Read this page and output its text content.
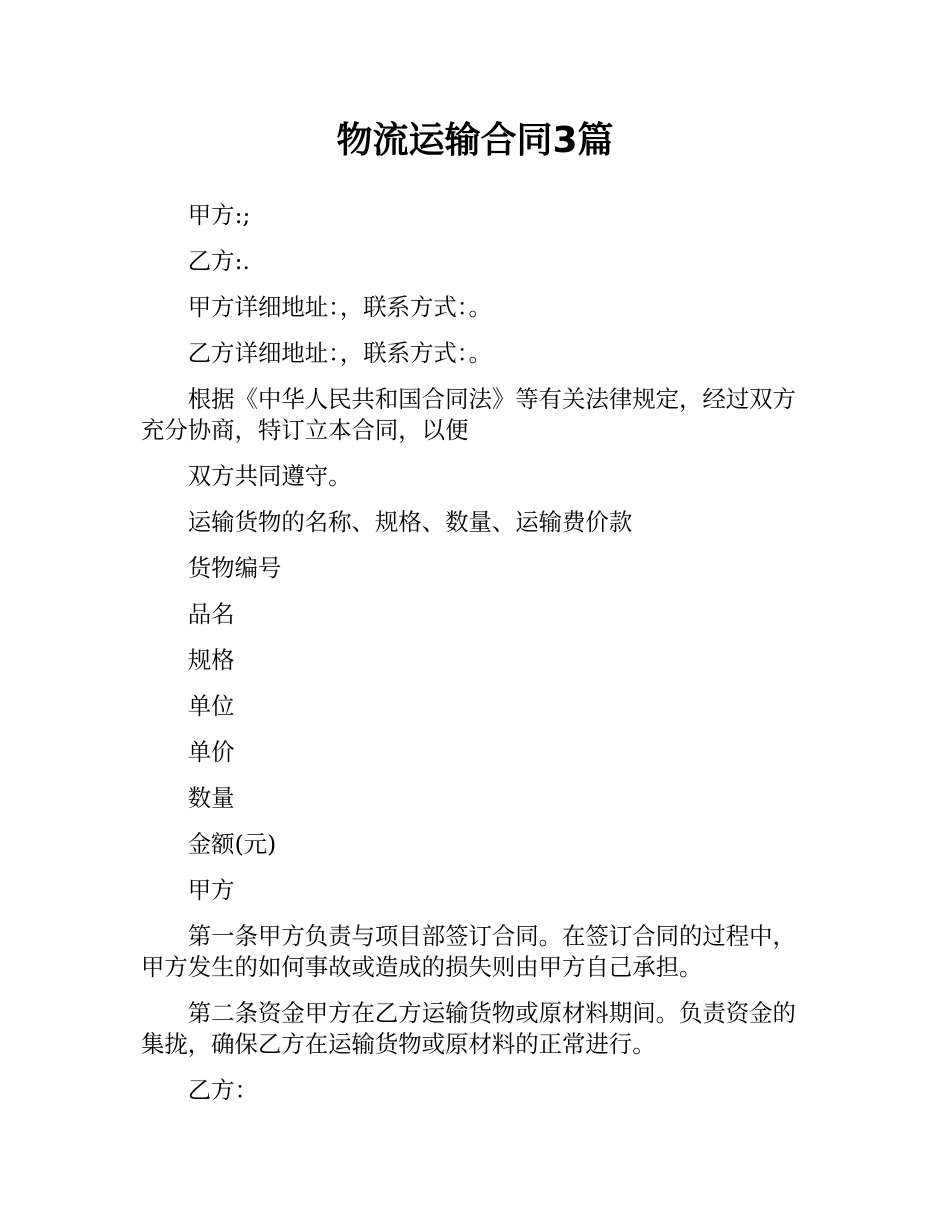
物流运输合同3篇

甲方:;

乙方:.

甲方详细地址：，联系方式：。

乙方详细地址：，联系方式：。

根据《中华人民共和国合同法》等有关法律规定，经过双方充分协商，特订立本合同，以便

双方共同遵守。

运输货物的名称、规格、数量、运输费价款

货物编号

品名

规格

单位

单价

数量

金额(元)

甲方

第一条甲方负责与项目部签订合同。在签订合同的过程中，甲方发生的如何事故或造成的损失则由甲方自己承担。

第二条资金甲方在乙方运输货物或原材料期间。负责资金的集拢，确保乙方在运输货物或原材料的正常进行。

乙方：
